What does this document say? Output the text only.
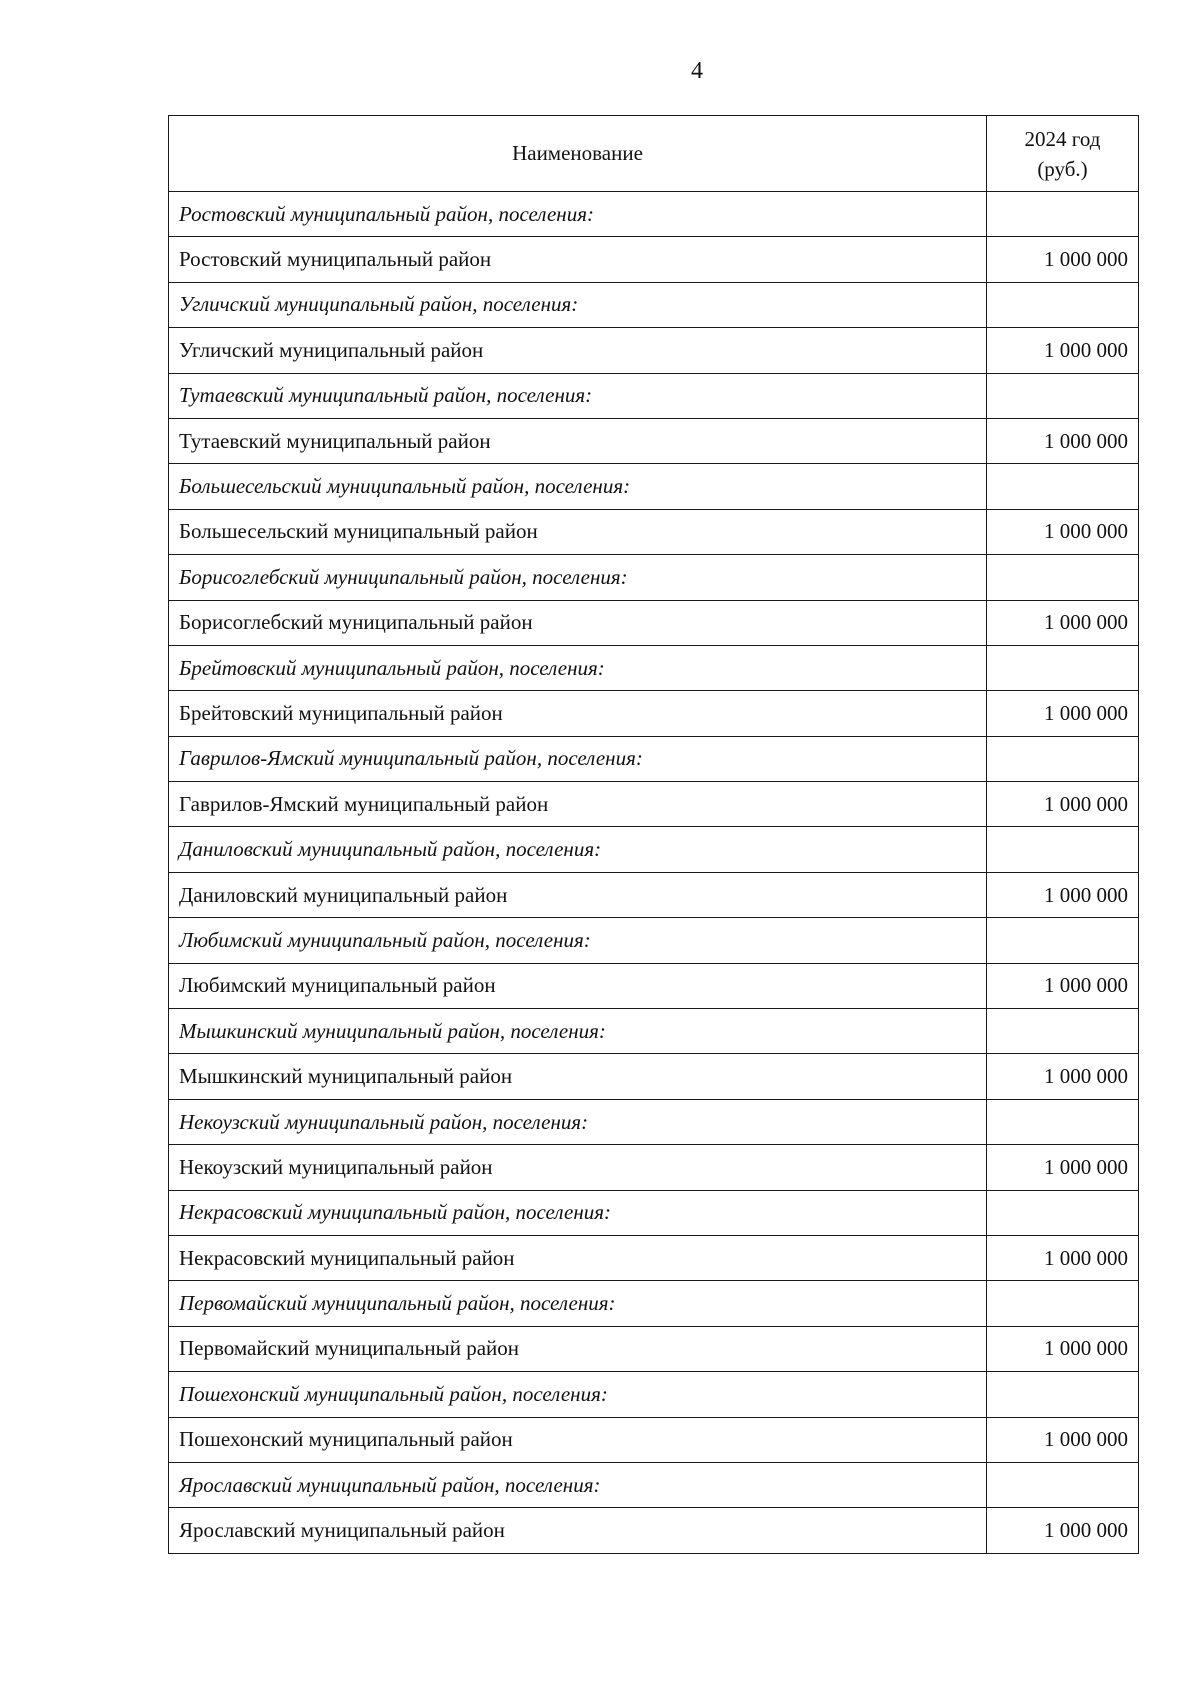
4
Наименование	2024 год
(руб.)

Ростовский муниципальный район, поселения:	
Ростовский муниципальный район	1 000 000
Угличский муниципальный район, поселения:	
Угличский муниципальный район	1 000 000
Тутаевский муниципальный район, поселения:	
Тутаевский муниципальный район	1 000 000
Большесельский муниципальный район, поселения:	
Большесельский муниципальный район	1 000 000
Борисоглебский муниципальный район, поселения:	
Борисоглебский муниципальный район	1 000 000
Брейтовский муниципальный район, поселения:	
Брейтовский муниципальный район	1 000 000
Гаврилов-Ямский муниципальный район, поселения:	
Гаврилов-Ямский муниципальный район	1 000 000
Даниловский муниципальный район, поселения:	
Даниловский муниципальный район	1 000 000
Любимский муниципальный район, поселения:	
Любимский муниципальный район	1 000 000
Мышкинский муниципальный район, поселения:	
Мышкинский муниципальный район	1 000 000
Некоузский муниципальный район, поселения:	
Некоузский муниципальный район	1 000 000
Некрасовский муниципальный район, поселения:	
Некрасовский муниципальный район	1 000 000
Первомайский муниципальный район, поселения:	
Первомайский муниципальный район	1 000 000
Пошехонский муниципальный район, поселения:	
Пошехонский муниципальный район	1 000 000
Ярославский муниципальный район, поселения:	
Ярославский муниципальный район	1 000 000
